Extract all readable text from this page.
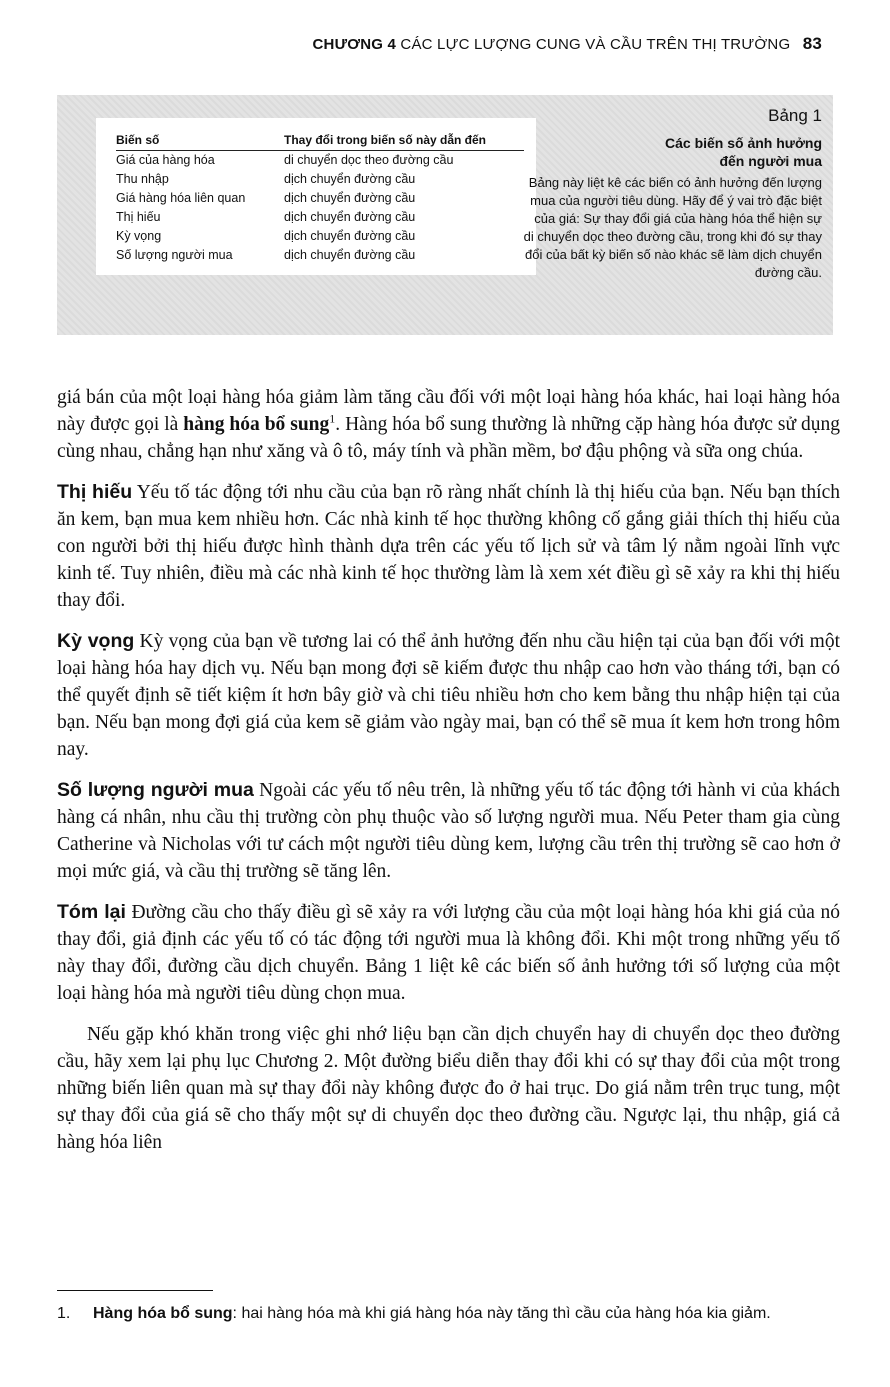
CHƯƠNG 4 CÁC LỰC LƯỢNG CUNG VÀ CẦU TRÊN THỊ TRƯỜNG 83
Biến số	Thay đổi trong biến số này dẫn đến
Giá của hàng hóa	di chuyển dọc theo đường cầu
Thu nhập	dịch chuyển đường cầu
Giá hàng hóa liên quan	dịch chuyển đường cầu
Thị hiếu	dịch chuyển đường cầu
Kỳ vọng	dịch chuyển đường cầu
Số lượng người mua	dịch chuyển đường cầu
Bảng 1
Các biến số ảnh hưởng
đến người mua
Bảng này liệt kê các biến có ảnh hưởng đến lượng mua của người tiêu dùng. Hãy để ý vai trò đặc biệt của giá: Sự thay đổi giá của hàng hóa thể hiện sự di chuyển dọc theo đường cầu, trong khi đó sự thay đổi của bất kỳ biến số nào khác sẽ làm dịch chuyển đường cầu.

giá bán của một loại hàng hóa giảm làm tăng cầu đối với một loại hàng hóa khác, hai loại hàng hóa này được gọi là hàng hóa bổ sung$^1$. Hàng hóa bổ sung thường là những cặp hàng hóa được sử dụng cùng nhau, chẳng hạn như xăng và ô tô, máy tính và phần mềm, bơ đậu phộng và sữa ong chúa.

Thị hiếu Yếu tố tác động tới nhu cầu của bạn rõ ràng nhất chính là thị hiếu của bạn. Nếu bạn thích ăn kem, bạn mua kem nhiều hơn. Các nhà kinh tế học thường không cố gắng giải thích thị hiếu của con người bởi thị hiếu được hình thành dựa trên các yếu tố lịch sử và tâm lý nằm ngoài lĩnh vực kinh tế. Tuy nhiên, điều mà các nhà kinh tế học thường làm là xem xét điều gì sẽ xảy ra khi thị hiếu thay đổi.

Kỳ vọng Kỳ vọng của bạn về tương lai có thể ảnh hưởng đến nhu cầu hiện tại của bạn đối với một loại hàng hóa hay dịch vụ. Nếu bạn mong đợi sẽ kiếm được thu nhập cao hơn vào tháng tới, bạn có thể quyết định sẽ tiết kiệm ít hơn bây giờ và chi tiêu nhiều hơn cho kem bằng thu nhập hiện tại của bạn. Nếu bạn mong đợi giá của kem sẽ giảm vào ngày mai, bạn có thể sẽ mua ít kem hơn trong hôm nay.

Số lượng người mua Ngoài các yếu tố nêu trên, là những yếu tố tác động tới hành vi của khách hàng cá nhân, nhu cầu thị trường còn phụ thuộc vào số lượng người mua. Nếu Peter tham gia cùng Catherine và Nicholas với tư cách một người tiêu dùng kem, lượng cầu trên thị trường sẽ cao hơn ở mọi mức giá, và cầu thị trường sẽ tăng lên.

Tóm lại Đường cầu cho thấy điều gì sẽ xảy ra với lượng cầu của một loại hàng hóa khi giá của nó thay đổi, giả định các yếu tố có tác động tới người mua là không đổi. Khi một trong những yếu tố này thay đổi, đường cầu dịch chuyển. Bảng 1 liệt kê các biến số ảnh hưởng tới số lượng của một loại hàng hóa mà người tiêu dùng chọn mua.

Nếu gặp khó khăn trong việc ghi nhớ liệu bạn cần dịch chuyển hay di chuyển dọc theo đường cầu, hãy xem lại phụ lục Chương 2. Một đường biểu diễn thay đổi khi có sự thay đổi của một trong những biến liên quan mà sự thay đổi này không được đo ở hai trục. Do giá nằm trên trục tung, một sự thay đổi của giá sẽ cho thấy một sự di chuyển dọc theo đường cầu. Ngược lại, thu nhập, giá cả hàng hóa liên

1. Hàng hóa bổ sung: hai hàng hóa mà khi giá hàng hóa này tăng thì cầu của hàng hóa kia giảm.
